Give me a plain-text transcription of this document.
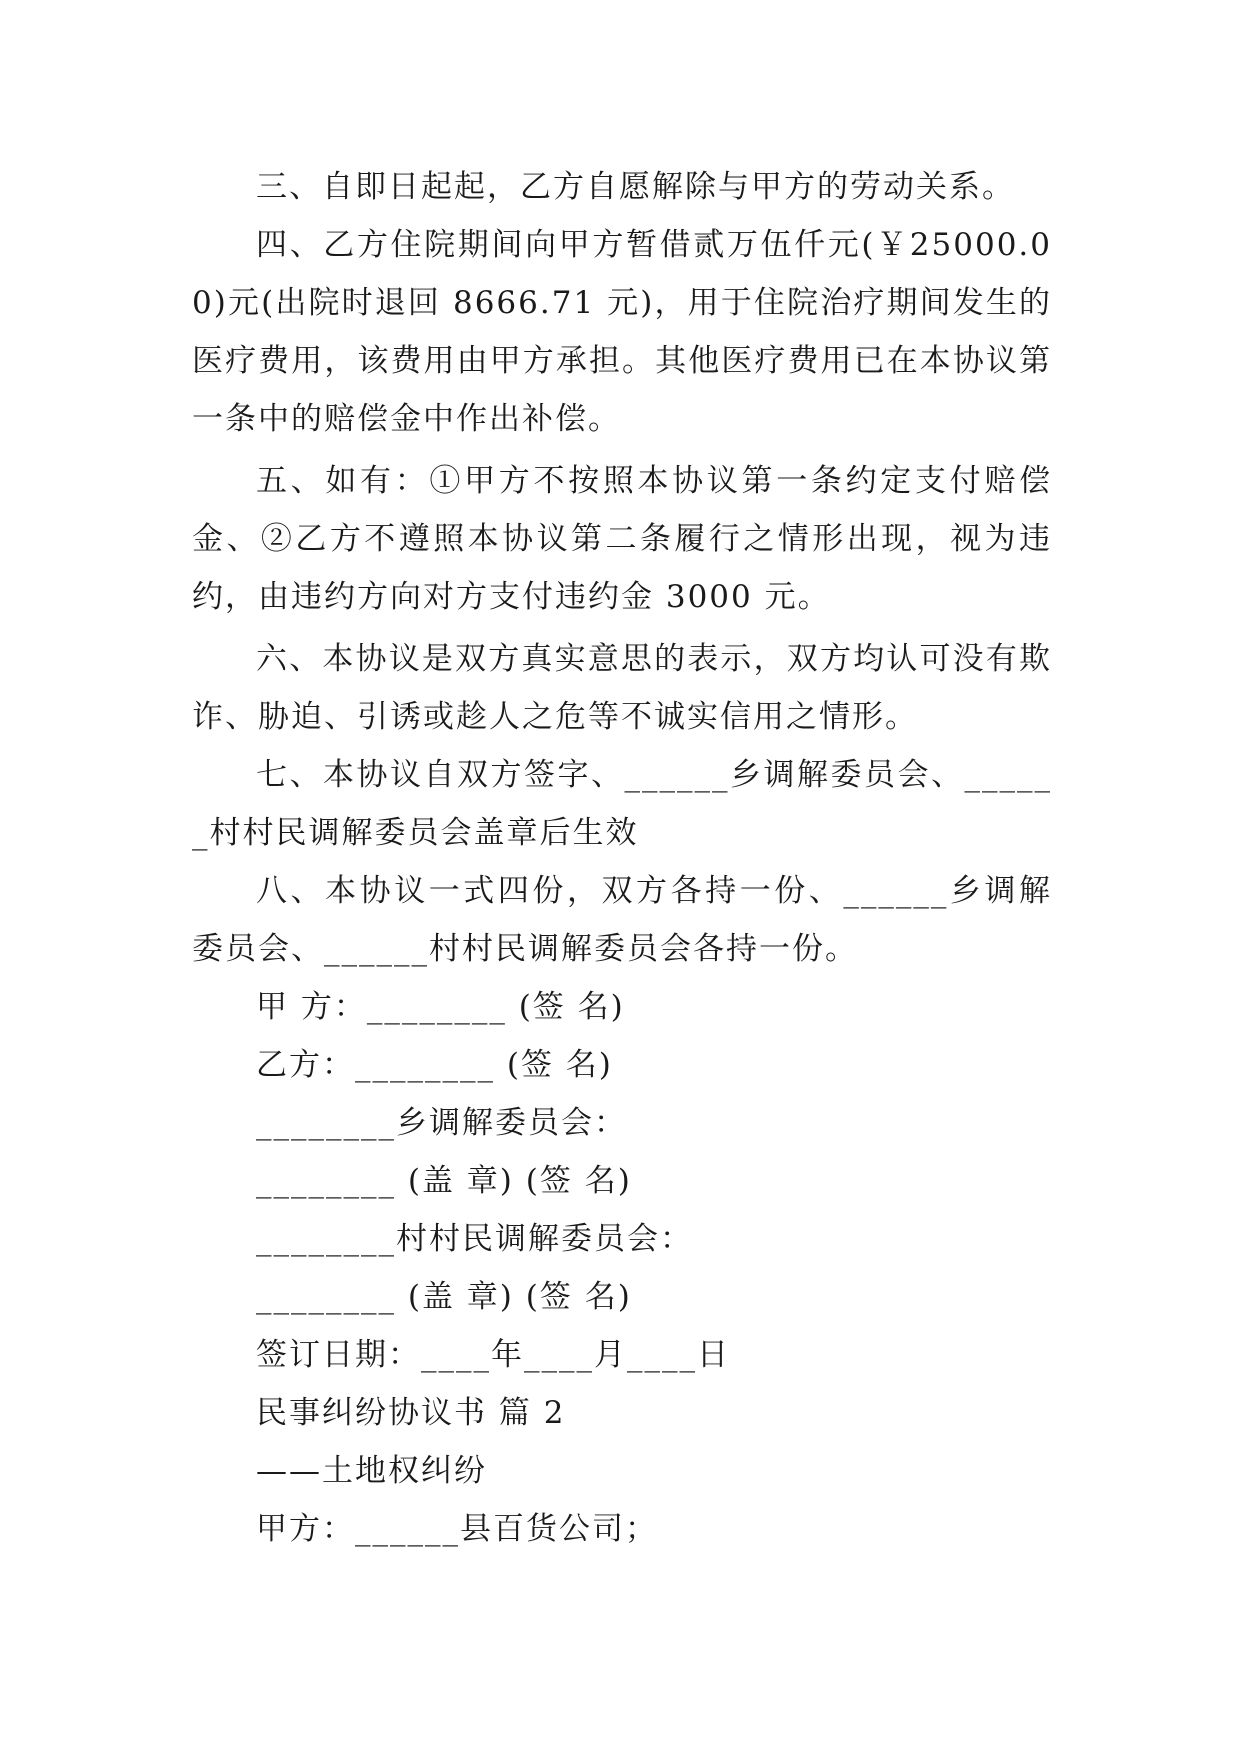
三、自即日起起，乙方自愿解除与甲方的劳动关系。

四、乙方住院期间向甲方暂借贰万伍仟元(￥25000.00)元(出院时退回 8666.71 元)，用于住院治疗期间发生的医疗费用，该费用由甲方承担。其他医疗费用已在本协议第一条中的赔偿金中作出补偿。

五、如有：①甲方不按照本协议第一条约定支付赔偿金、②乙方不遵照本协议第二条履行之情形出现，视为违约，由违约方向对方支付违约金 3000 元。

六、本协议是双方真实意思的表示，双方均认可没有欺诈、胁迫、引诱或趁人之危等不诚实信用之情形。

七、本协议自双方签字、______乡调解委员会、______村村民调解委员会盖章后生效

八、本协议一式四份，双方各持一份、______乡调解委员会、______村村民调解委员会各持一份。

甲 方：________ (签 名)

乙方：________ (签 名)

________乡调解委员会：

________ (盖 章) (签 名)

________村村民调解委员会：

________ (盖 章) (签 名)

签订日期：____年____月____日

民事纠纷协议书 篇 2

——土地权纠纷

甲方：______县百货公司；
